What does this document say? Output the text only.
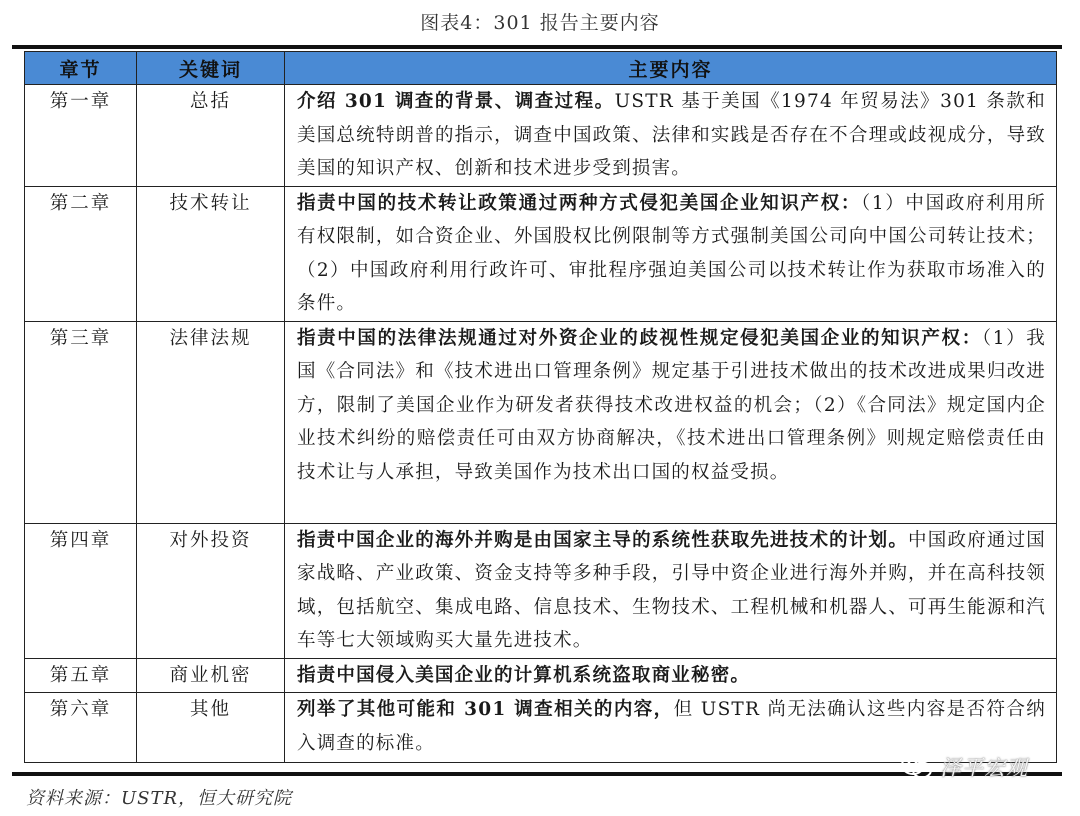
图表4：301 报告主要内容
章节	关键词	主要内容
第一章	总括	介绍 301 调查的背景、调查过程。USTR 基于美国《1974 年贸易法》301 条款和美国总统特朗普的指示，调查中国政策、法律和实践是否存在不合理或歧视成分，导致美国的知识产权、创新和技术进步受到损害。
第二章	技术转让	指责中国的技术转让政策通过两种方式侵犯美国企业知识产权：（1）中国政府利用所有权限制，如合资企业、外国股权比例限制等方式强制美国公司向中国公司转让技术；（2）中国政府利用行政许可、审批程序强迫美国公司以技术转让作为获取市场准入的条件。
第三章	法律法规	指责中国的法律法规通过对外资企业的歧视性规定侵犯美国企业的知识产权：（1）我国《合同法》和《技术进出口管理条例》规定基于引进技术做出的技术改进成果归改进方，限制了美国企业作为研发者获得技术改进权益的机会；（2）《合同法》规定国内企业技术纠纷的赔偿责任可由双方协商解决，《技术进出口管理条例》则规定赔偿责任由技术让与人承担，导致美国作为技术出口国的权益受损。
第四章	对外投资	指责中国企业的海外并购是由国家主导的系统性获取先进技术的计划。中国政府通过国家战略、产业政策、资金支持等多种手段，引导中资企业进行海外并购，并在高科技领域，包括航空、集成电路、信息技术、生物技术、工程机械和机器人、可再生能源和汽车等七大领域购买大量先进技术。
第五章	商业机密	指责中国侵入美国企业的计算机系统盗取商业秘密。
第六章	其他	列举了其他可能和 301 调查相关的内容，但 USTR 尚无法确认这些内容是否符合纳入调查的标准。
资料来源：USTR，恒大研究院
泽平宏观
